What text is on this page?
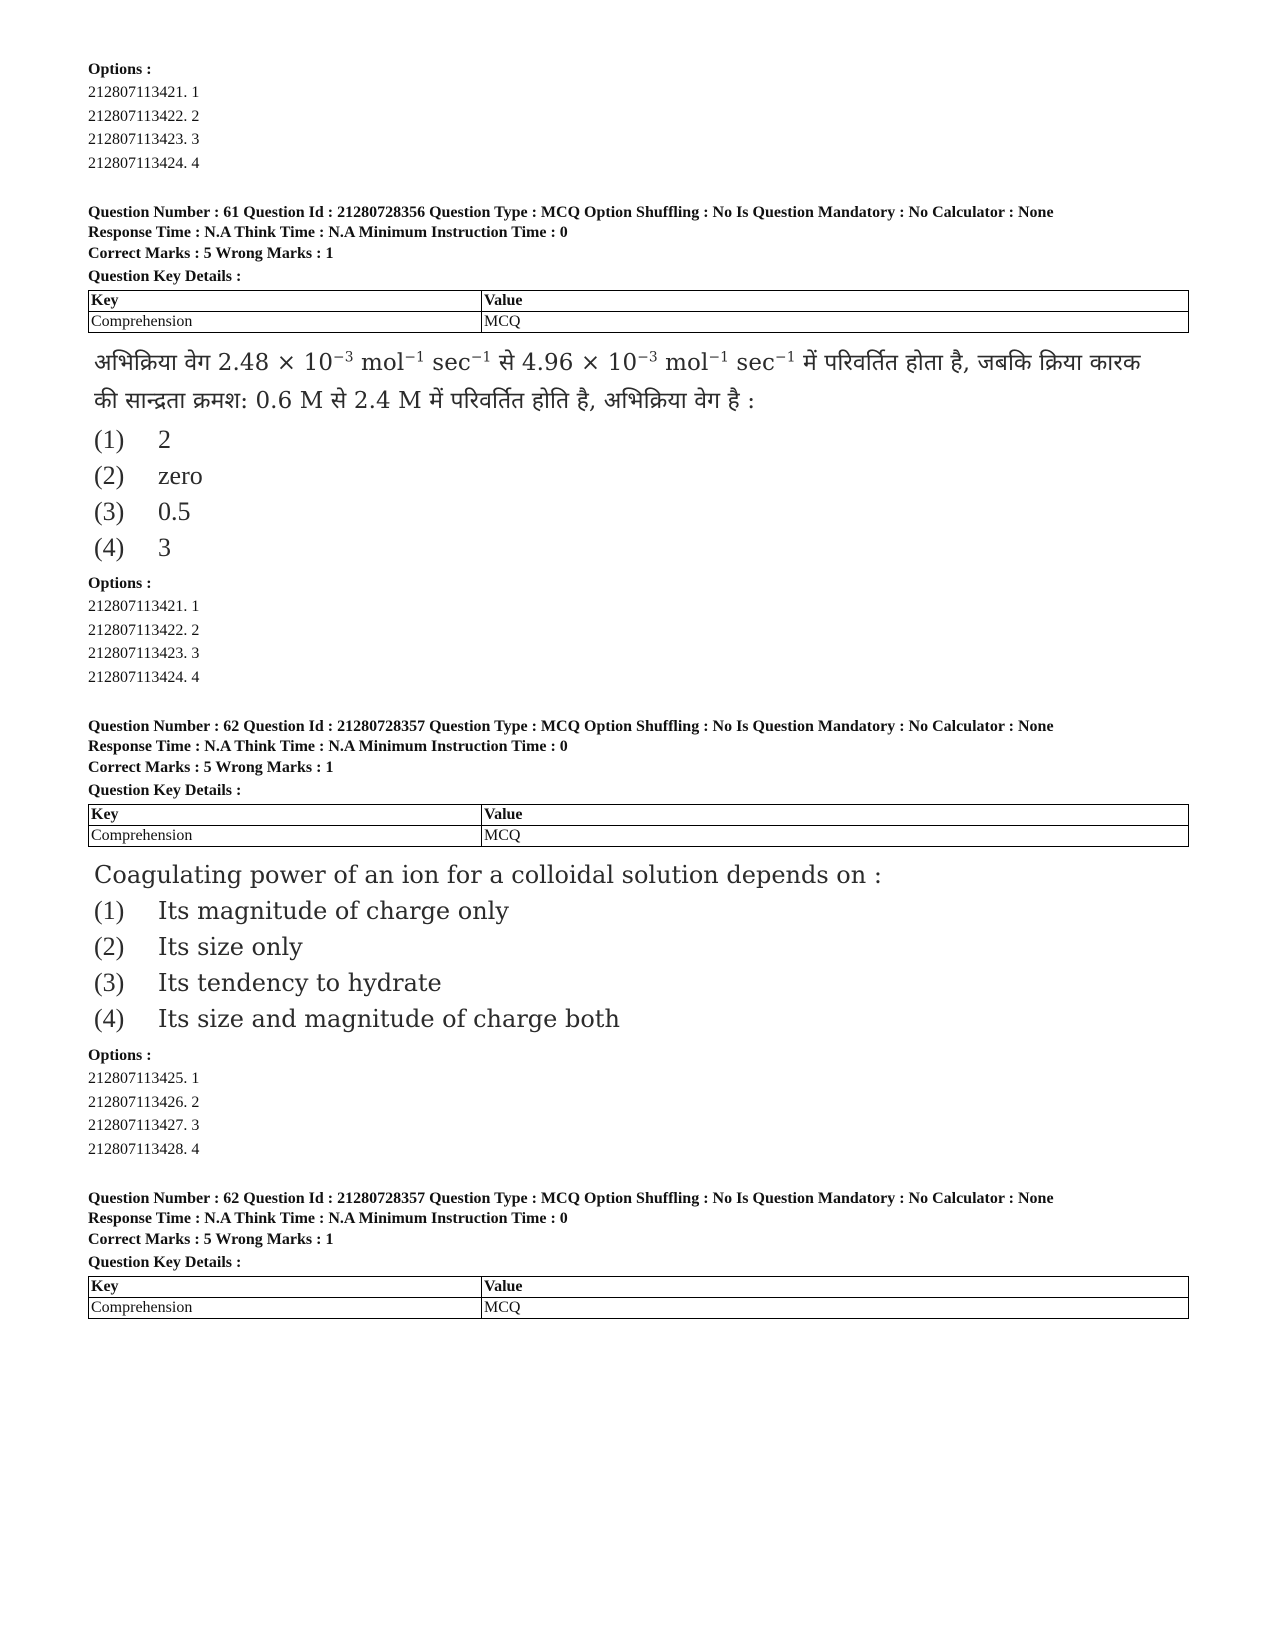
Options :
212807113421. 1
212807113422. 2
212807113423. 3
212807113424. 4
Question Number : 61 Question Id : 21280728356 Question Type : MCQ Option Shuffling : No Is Question Mandatory : No Calculator : None
Response Time : N.A Think Time : N.A Minimum Instruction Time : 0
Correct Marks : 5 Wrong Marks : 1
Question Key Details :
Key	Value
Comprehension	MCQ
अभिक्रिया वेग $2.48 \times 10^{-3}$ mol$^{-1}$ $\sec^{-1}$ से $4.96 \times 10^{-3}$ mol$^{-1}$ $\sec^{-1}$ में परिवर्तित होता है, जबकि क्रिया कारक
की सान्द्रता क्रमश: 0.6 M से 2.4 M में परिवर्तित होति है, अभिक्रिया वेग है :
(1)	2
(2)	zero
(3)	0.5
(4)	3
Options :
212807113421. 1
212807113422. 2
212807113423. 3
212807113424. 4
Question Number : 62 Question Id : 21280728357 Question Type : MCQ Option Shuffling : No Is Question Mandatory : No Calculator : None
Response Time : N.A Think Time : N.A Minimum Instruction Time : 0
Correct Marks : 5 Wrong Marks : 1
Question Key Details :
Key	Value
Comprehension	MCQ
Coagulating power of an ion for a colloidal solution depends on :
(1)	Its magnitude of charge only
(2)	Its size only
(3)	Its tendency to hydrate
(4)	Its size and magnitude of charge both
Options :
212807113425. 1
212807113426. 2
212807113427. 3
212807113428. 4
Question Number : 62 Question Id : 21280728357 Question Type : MCQ Option Shuffling : No Is Question Mandatory : No Calculator : None
Response Time : N.A Think Time : N.A Minimum Instruction Time : 0
Correct Marks : 5 Wrong Marks : 1
Question Key Details :
Key	Value
Comprehension	MCQ
